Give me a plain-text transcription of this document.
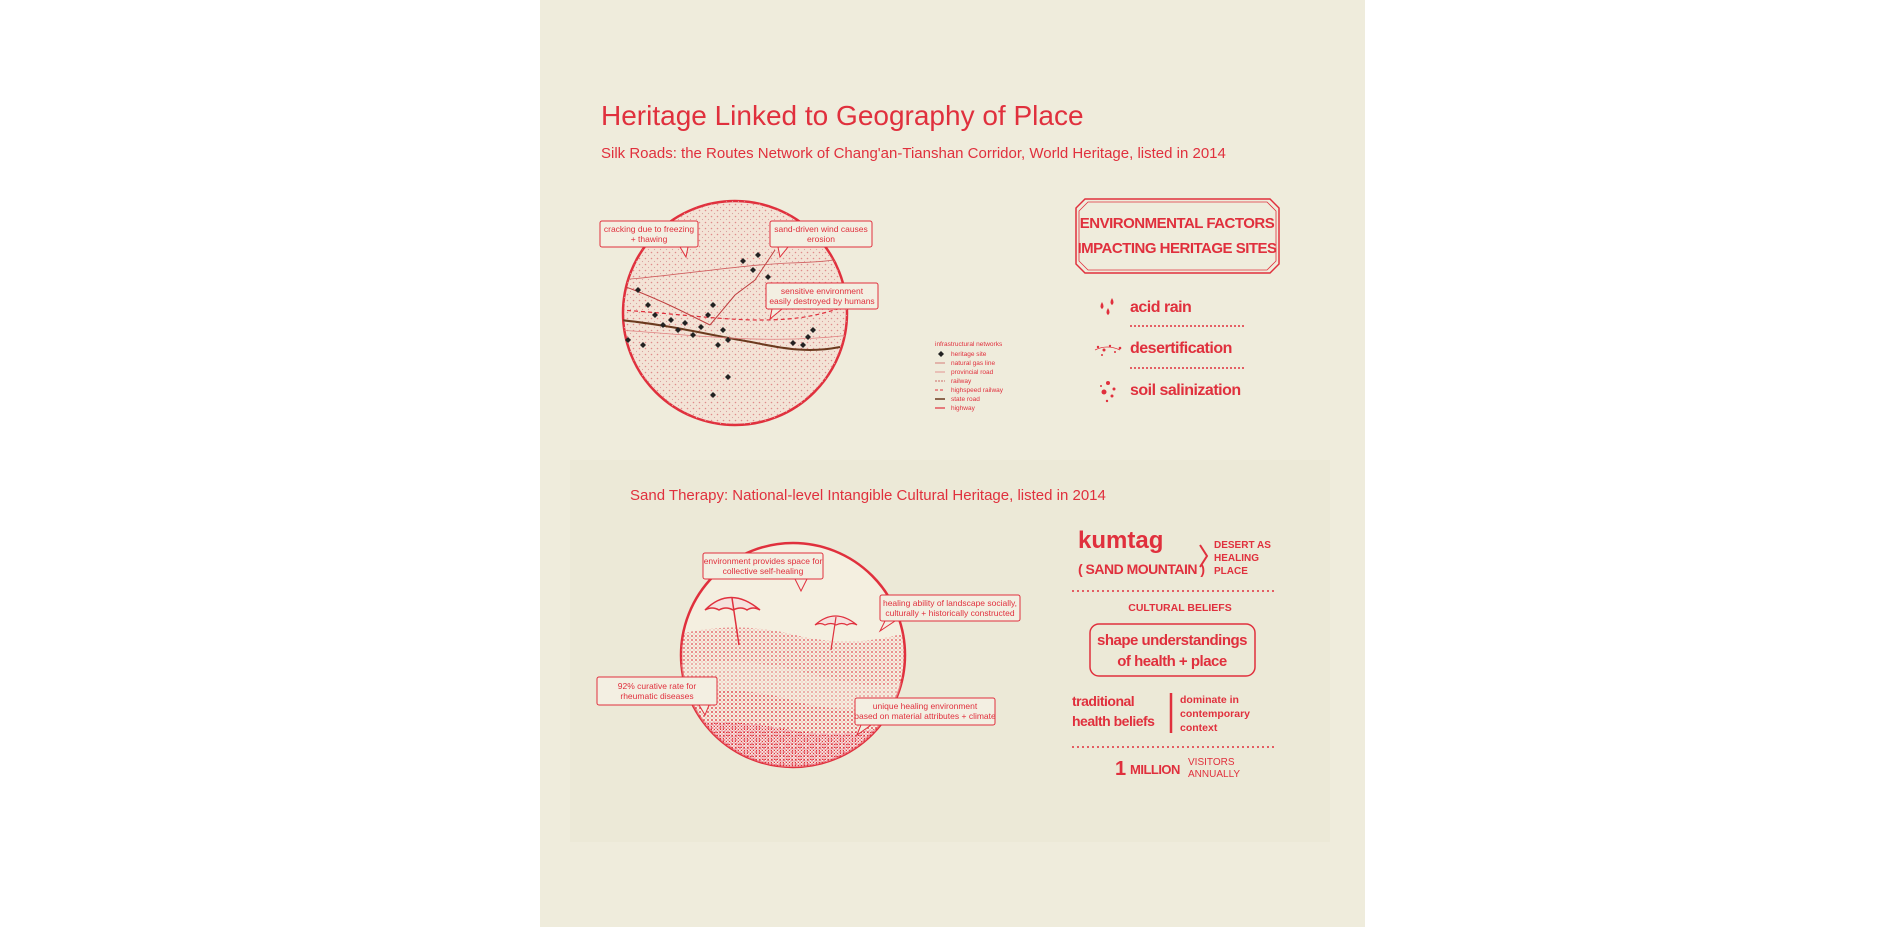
Heritage Linked to Geography of Place
Silk Roads: the Routes Network of Chang'an-Tianshan Corridor, World Heritage, listed in 2014
cracking due to freezing
+ thawing
sand-driven wind causes
erosion
sensitive environment
easily destroyed by humans
infrastructural networks
heritage site
natural gas line
provincial road
railway
highspeed railway
state road
highway
ENVIRONMENTAL FACTORS
IMPACTING HERITAGE SITES
acid rain
desertification
soil salinization
Sand Therapy: National-level Intangible Cultural Heritage, listed in 2014
environment provides space for
collective self-healing
healing ability of landscape socially,
culturally + historically constructed
92% curative rate for
rheumatic diseases
unique healing environment
based on material attributes + climate
kumtag
( SAND MOUNTAIN )
DESERT AS
HEALING
PLACE
CULTURAL BELIEFS
shape understandings
of health + place
traditional
health beliefs
dominate in
contemporary
context
1 MILLION VISITORS
ANNUALLY
